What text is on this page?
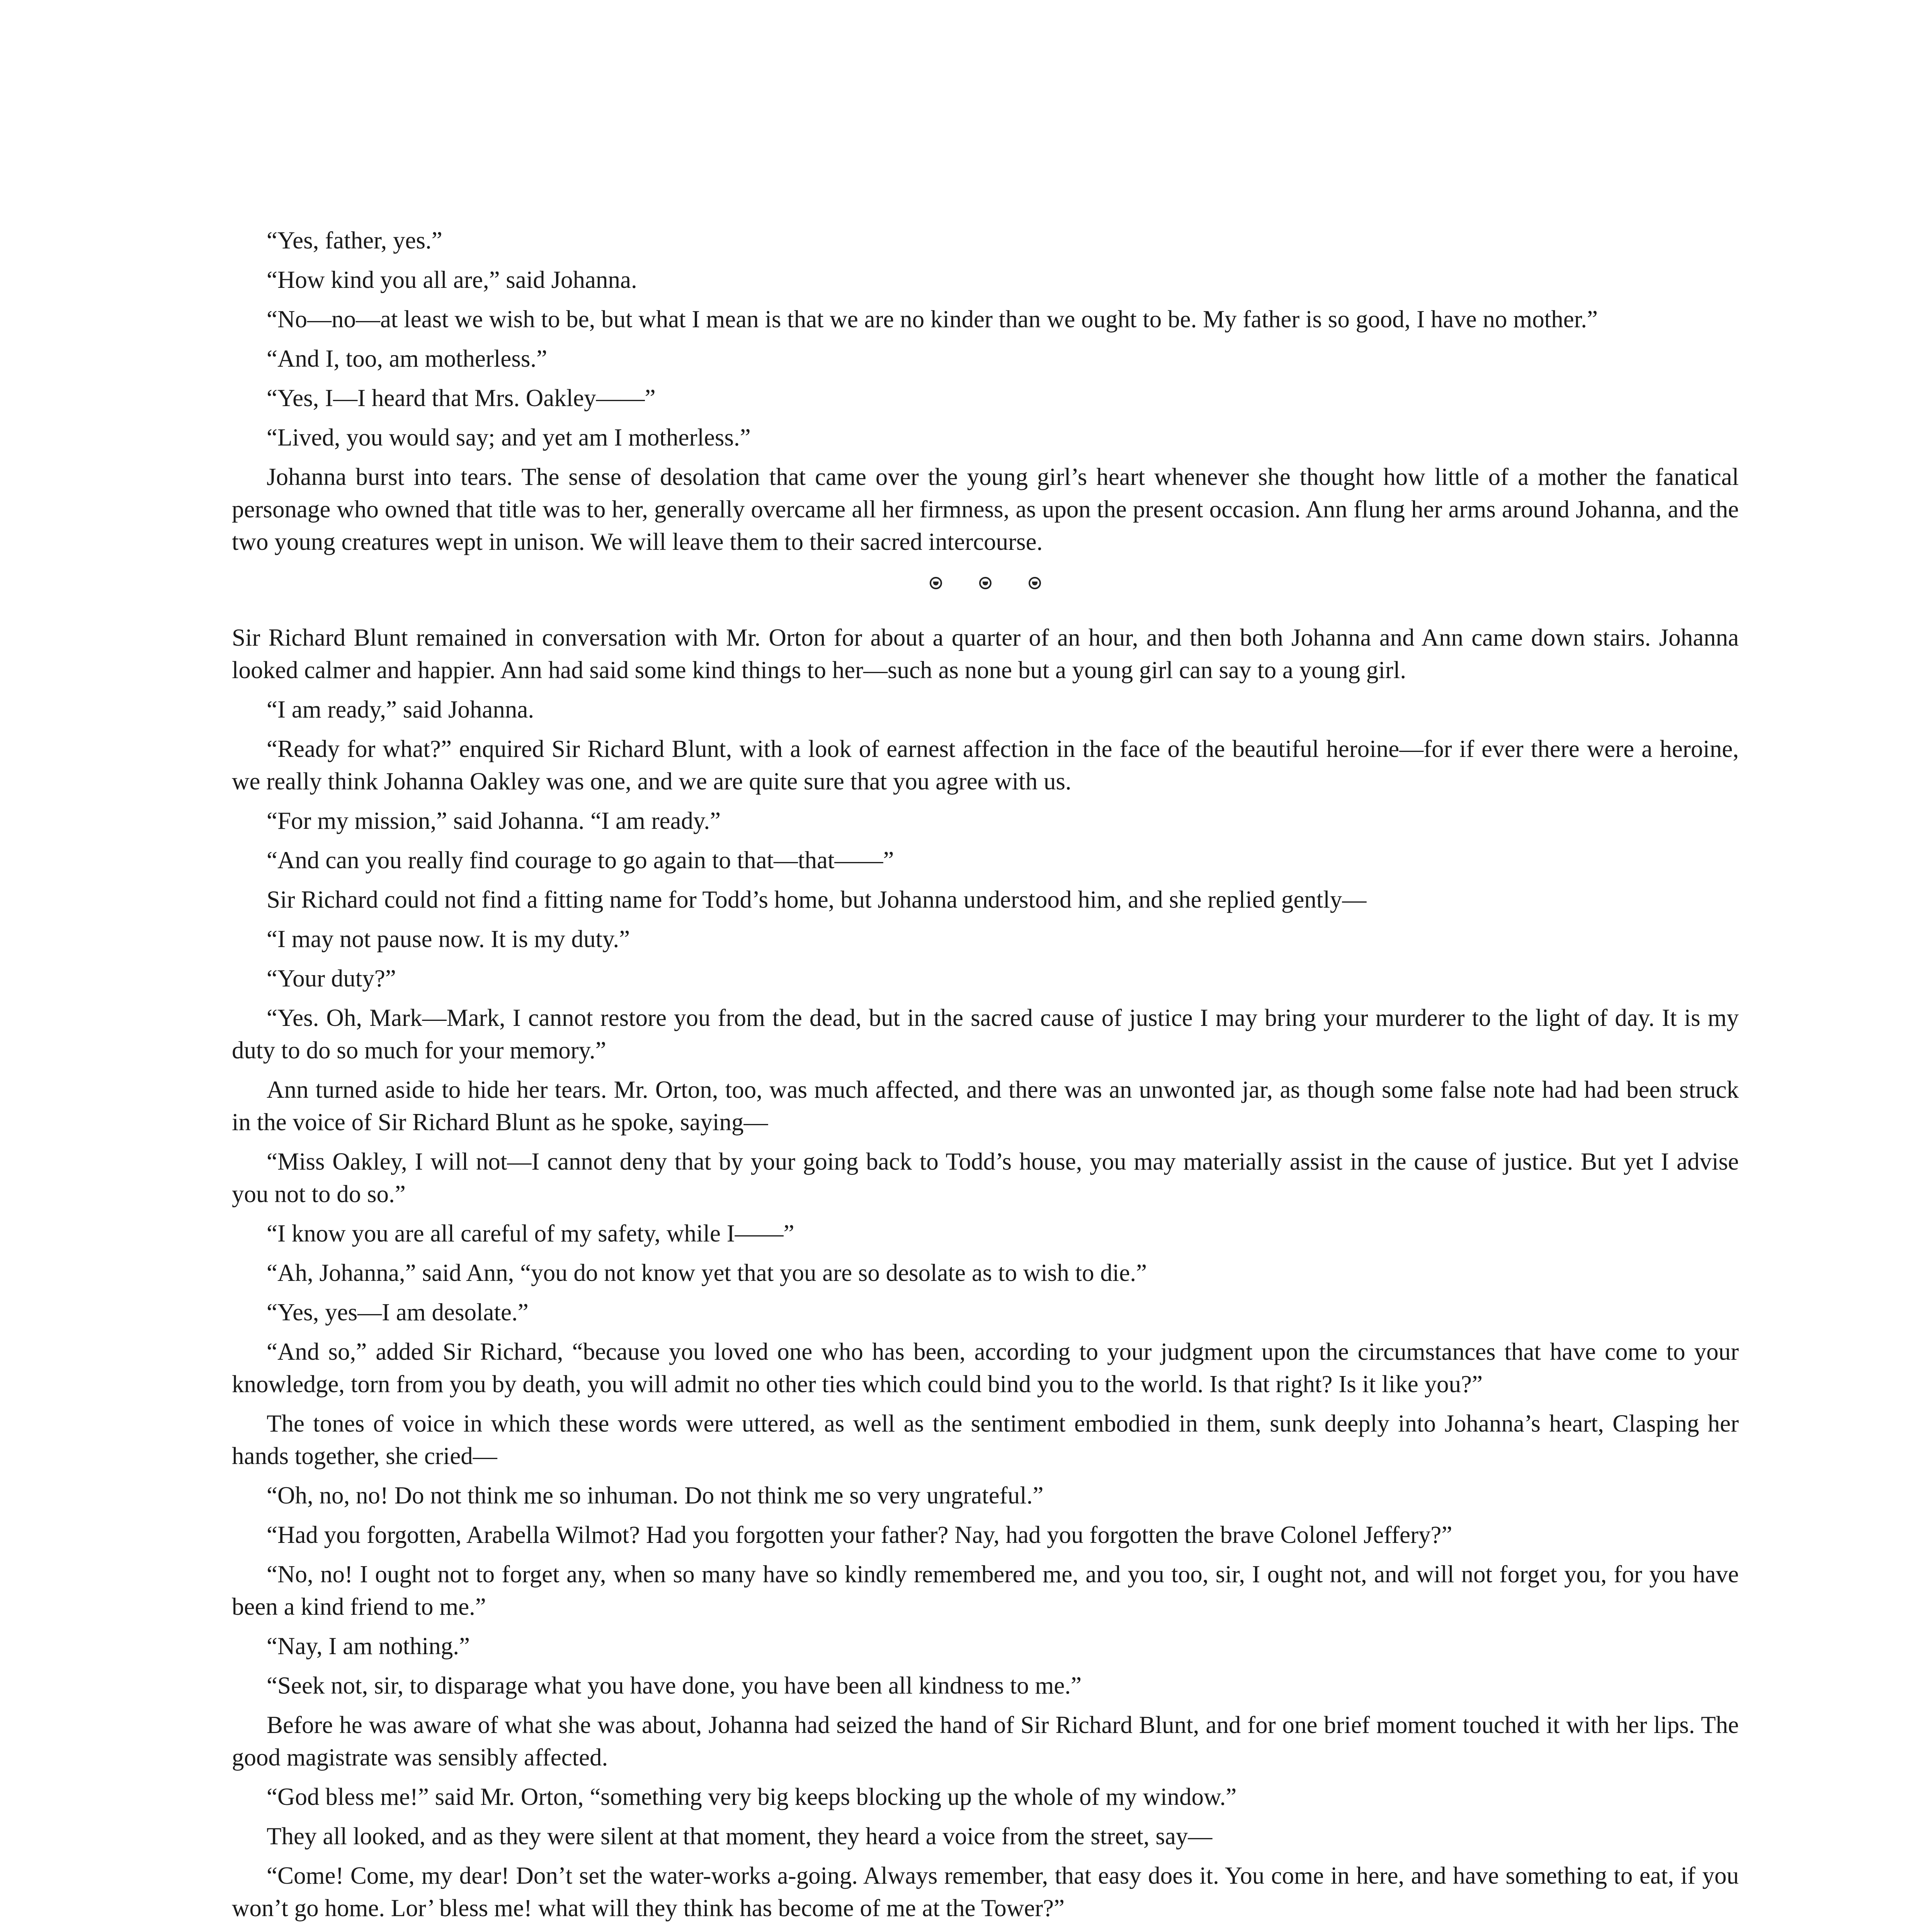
“Yes, father, yes.”

“How kind you all are,” said Johanna.

“No—no—at least we wish to be, but what I mean is that we are no kinder than we ought to be. My father is so good, I have no mother.”

“And I, too, am motherless.”

“Yes, I—I heard that Mrs. Oakley——”

“Lived, you would say; and yet am I motherless.”

Johanna burst into tears. The sense of desolation that came over the young girl’s heart whenever she thought how little of a mother the fanatical personage who owned that title was to her, generally overcame all her firmness, as upon the present occasion. Ann flung her arms around Johanna, and the two young creatures wept in unison. We will leave them to their sacred intercourse.

Sir Richard Blunt remained in conversation with Mr. Orton for about a quarter of an hour, and then both Johanna and Ann came down stairs. Johanna looked calmer and happier. Ann had said some kind things to her—such as none but a young girl can say to a young girl.

“I am ready,” said Johanna.

“Ready for what?” enquired Sir Richard Blunt, with a look of earnest affection in the face of the beautiful heroine—for if ever there were a heroine, we really think Johanna Oakley was one, and we are quite sure that you agree with us.

“For my mission,” said Johanna. “I am ready.”

“And can you really find courage to go again to that—that——”

Sir Richard could not find a fitting name for Todd’s home, but Johanna understood him, and she replied gently—

“I may not pause now. It is my duty.”

“Your duty?”

“Yes. Oh, Mark—Mark, I cannot restore you from the dead, but in the sacred cause of justice I may bring your murderer to the light of day. It is my duty to do so much for your memory.”

Ann turned aside to hide her tears. Mr. Orton, too, was much affected, and there was an unwonted jar, as though some false note had had been struck in the voice of Sir Richard Blunt as he spoke, saying—

“Miss Oakley, I will not—I cannot deny that by your going back to Todd’s house, you may materially assist in the cause of justice. But yet I advise you not to do so.”

“I know you are all careful of my safety, while I——”

“Ah, Johanna,” said Ann, “you do not know yet that you are so desolate as to wish to die.”

“Yes, yes—I am desolate.”

“And so,” added Sir Richard, “because you loved one who has been, according to your judgment upon the circumstances that have come to your knowledge, torn from you by death, you will admit no other ties which could bind you to the world. Is that right? Is it like you?”

The tones of voice in which these words were uttered, as well as the sentiment embodied in them, sunk deeply into Johanna’s heart, Clasping her hands together, she cried—

“Oh, no, no! Do not think me so inhuman. Do not think me so very ungrateful.”

“Had you forgotten, Arabella Wilmot? Had you forgotten your father? Nay, had you forgotten the brave Colonel Jeffery?”

“No, no! I ought not to forget any, when so many have so kindly remembered me, and you too, sir, I ought not, and will not forget you, for you have been a kind friend to me.”

“Nay, I am nothing.”

“Seek not, sir, to disparage what you have done, you have been all kindness to me.”

Before he was aware of what she was about, Johanna had seized the hand of Sir Richard Blunt, and for one brief moment touched it with her lips. The good magistrate was sensibly affected.

“God bless me!” said Mr. Orton, “something very big keeps blocking up the whole of my window.”

They all looked, and as they were silent at that moment, they heard a voice from the street, say—

“Come! Come, my dear! Don’t set the water-works a-going. Always remember, that easy does it. You come in here, and have something to eat, if you won’t go home. Lor’ bless me! what will they think has become of me at the Tower?”
